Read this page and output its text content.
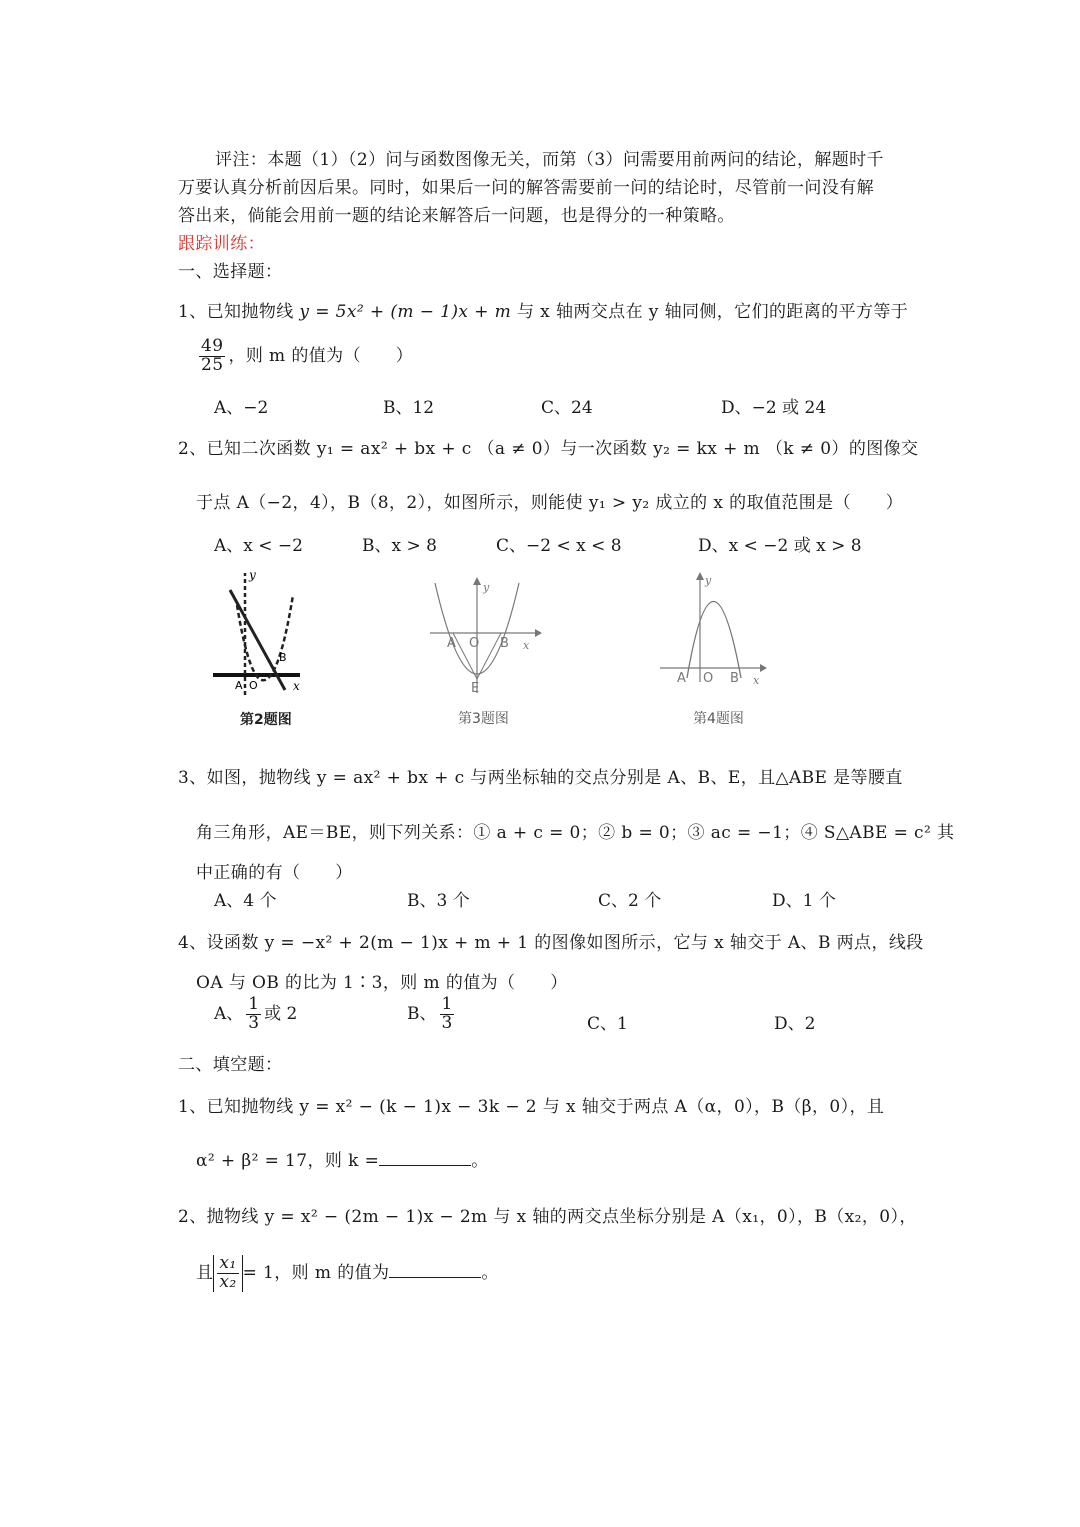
评注：本题（1）（2）问与函数图像无关，而第（3）问需要用前两问的结论，解题时千
万要认真分析前因后果。同时，如果后一问的解答需要前一问的结论时，尽管前一问没有解
答出来，倘能会用前一题的结论来解答后一问题，也是得分的一种策略。
跟踪训练：
一、选择题：
1、已知抛物线 y = 5x² + (m − 1)x + m 与 x 轴两交点在 y 轴同侧，它们的距离的平方等于
$\frac{49}{25}$ ，则 m 的值为（　　）
A、−2	B、12	C、24	D、−2 或 24
2、已知二次函数 y₁ = ax² + bx + c （a ≠ 0）与一次函数 y₂ = kx + m （k ≠ 0）的图像交
于点 A（−2，4），B（8，2），如图所示，则能使 y₁ > y₂ 成立的 x 的取值范围是（　　）
A、x < −2	B、x > 8	C、−2 < x < 8	D、x < −2 或 x > 8
y
x
A
B
O
第2题图
y
x
A O B
E
第3题图
y
x
A O B
第4题图
3、如图，抛物线 y = ax² + bx + c 与两坐标轴的交点分别是 A、B、E，且△ABE 是等腰直
角三角形，AE＝BE，则下列关系：① a + c = 0；② b = 0；③ ac = −1；④ S△ABE = c² 其
中正确的有（　　）
A、4 个	B、3 个	C、2 个	D、1 个
4、设函数 y = −x² + 2(m − 1)x + m + 1 的图像如图所示，它与 x 轴交于 A、B 两点，线段
OA 与 OB 的比为 1∶3，则 m 的值为（　　）
A、 $\frac{1}{3}$ 或 2	B、 $\frac{1}{3}$	C、1	D、2
二、填空题：
1、已知抛物线 y = x² − (k − 1)x − 3k − 2 与 x 轴交于两点 A（α，0），B（β，0），且
α² + β² = 17，则 k =	。
2、抛物线 y = x² − (2m − 1)x − 2m 与 x 轴的两交点坐标分别是 A（x₁，0），B（x₂，0），
且 $\frac{\text{x₁}}{\text{x₂}} = 1$，则 m 的值为	。
